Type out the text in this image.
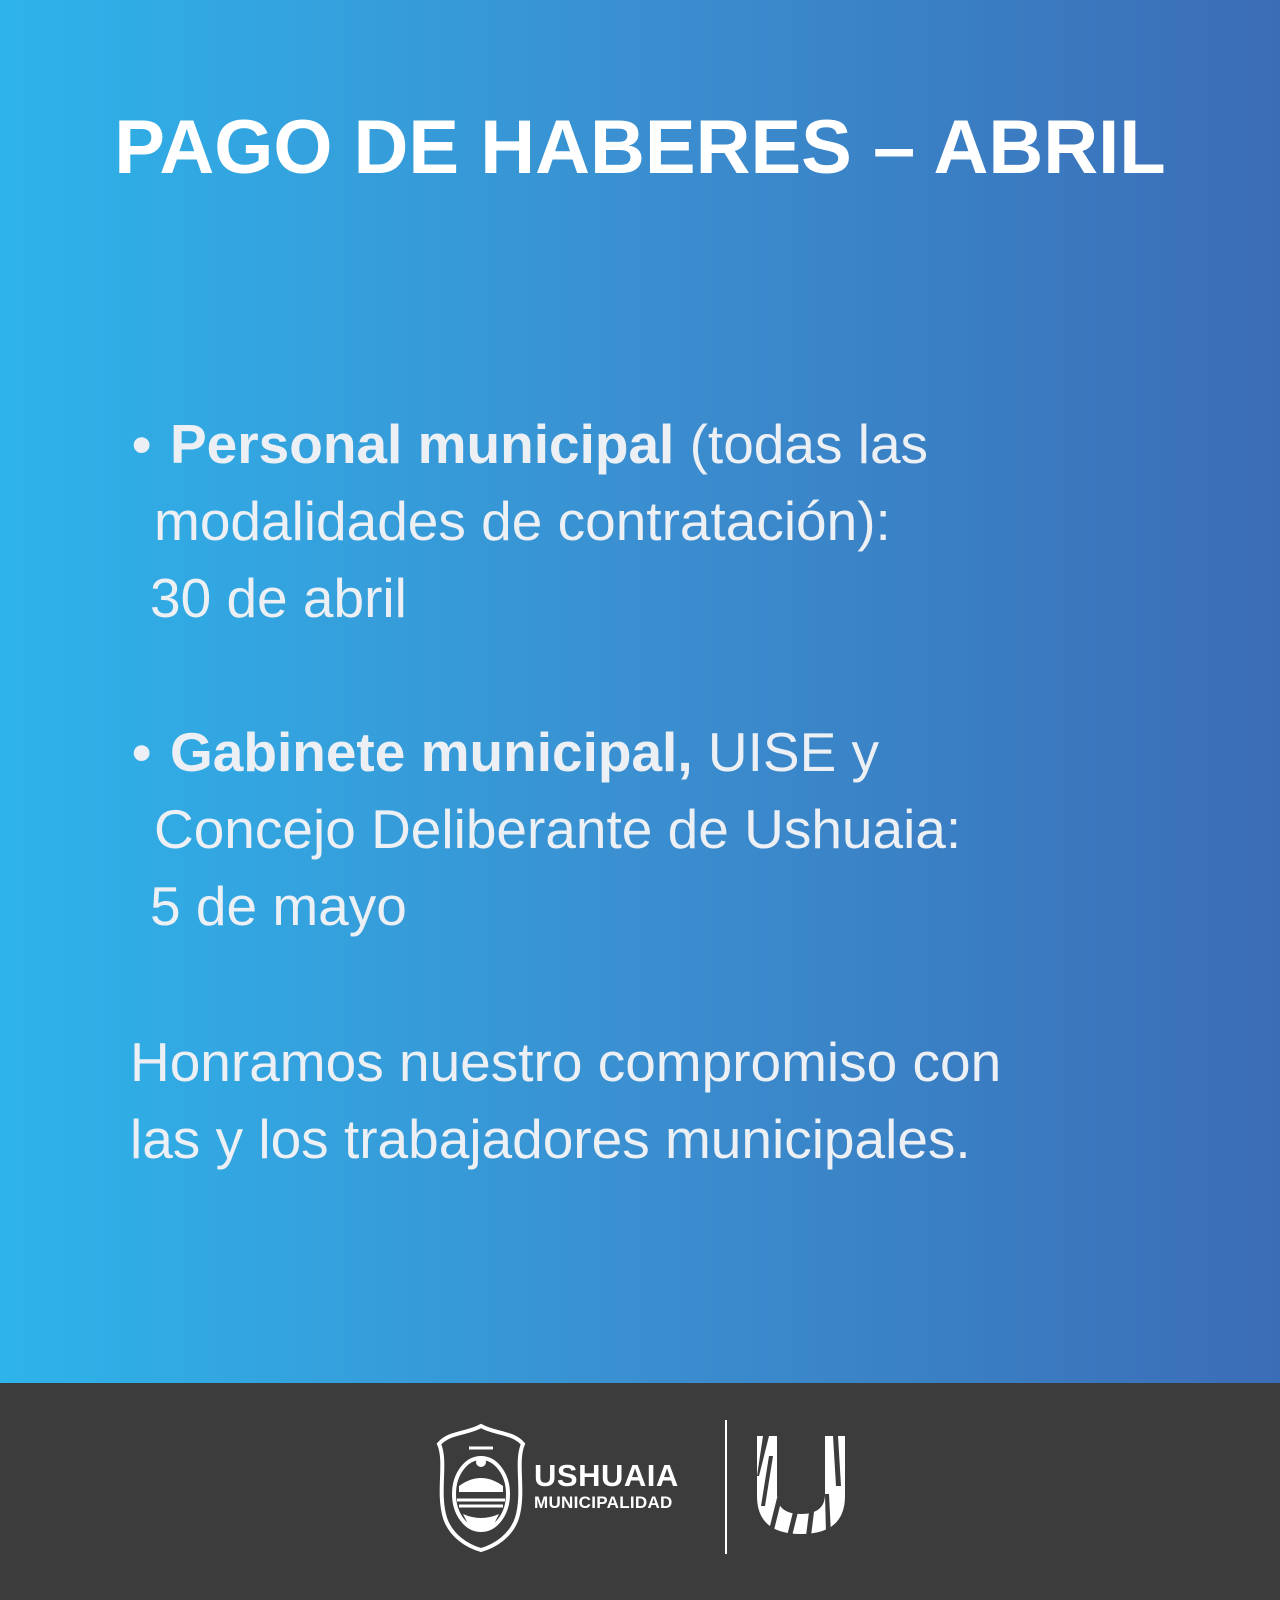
PAGO DE HABERES – ABRIL
• Personal municipal (todas las
modalidades de contratación):
30 de abril
• Gabinete municipal, UISE y
Concejo Deliberante de Ushuaia:
5 de mayo
Honramos nuestro compromiso con
las y los trabajadores municipales.
USHUAIA
MUNICIPALIDAD
